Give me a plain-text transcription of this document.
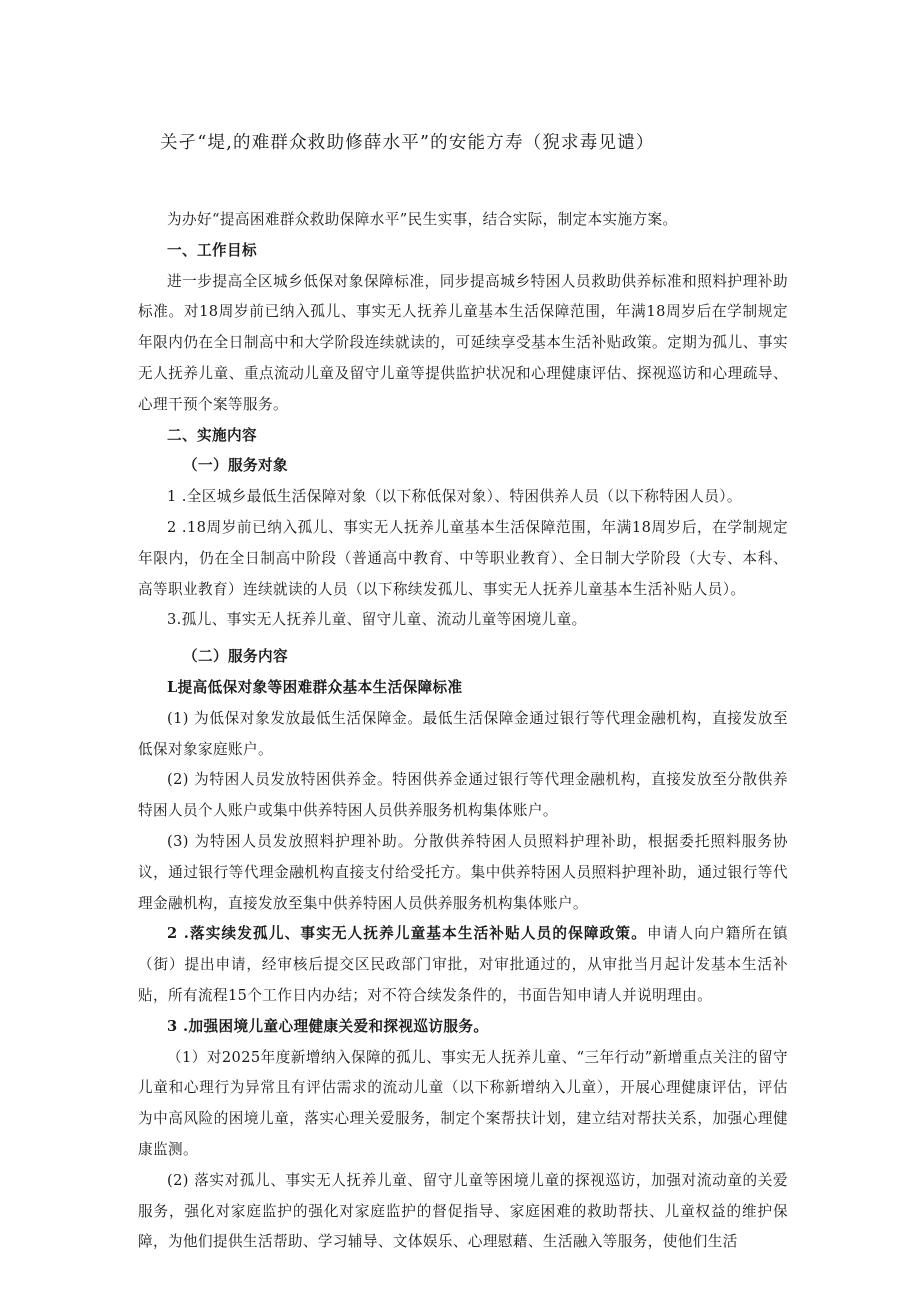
关孑“堤,的难群众救助修薛水平”的安能方寿（猊求毒见谴）

为办好“提高困难群众救助保障水平”民生实事，结合实际，制定本实施方案。

一、工作目标

进一步提高全区城乡低保对象保障标准，同步提高城乡特困人员救助供养标准和照料护理补助标准。对18周岁前已纳入孤儿、事实无人抚养儿童基本生活保障范围，年满18周岁后在学制规定年限内仍在全日制高中和大学阶段连续就读的，可延续享受基本生活补贴政策。定期为孤儿、事实无人抚养儿童、重点流动儿童及留守儿童等提供监护状况和心理健康评估、探视巡访和心理疏导、心理干预个案等服务。

二、实施内容

（一）服务对象

1 .全区城乡最低生活保障对象（以下称低保对象）、特困供养人员（以下称特困人员）。

2 .18周岁前已纳入孤儿、事实无人抚养儿童基本生活保障范围，年满18周岁后，在学制规定年限内，仍在全日制高中阶段（普通高中教育、中等职业教育）、全日制大学阶段（大专、本科、高等职业教育）连续就读的人员（以下称续发孤儿、事实无人抚养儿童基本生活补贴人员）。

3.孤儿、事实无人抚养儿童、留守儿童、流动儿童等困境儿童。

（二）服务内容

L提高低保对象等困难群众基本生活保障标准

(1) 为低保对象发放最低生活保障金。最低生活保障金通过银行等代理金融机构，直接发放至低保对象家庭账户。

(2) 为特困人员发放特困供养金。特困供养金通过银行等代理金融机构，直接发放至分散供养特困人员个人账户或集中供养特困人员供养服务机构集体账户。

(3) 为特困人员发放照料护理补助。分散供养特困人员照料护理补助，根据委托照料服务协议，通过银行等代理金融机构直接支付给受托方。集中供养特困人员照料护理补助，通过银行等代理金融机构，直接发放至集中供养特困人员供养服务机构集体账户。

2 .落实续发孤儿、事实无人抚养儿童基本生活补贴人员的保障政策。申请人向户籍所在镇（街）提出申请，经审核后提交区民政部门审批，对审批通过的，从审批当月起计发基本生活补贴，所有流程15个工作日内办结；对不符合续发条件的，书面告知申请人并说明理由。

3 .加强困境儿童心理健康关爱和探视巡访服务。

（1）对2025年度新增纳入保障的孤儿、事实无人抚养儿童、“三年行动”新增重点关注的留守儿童和心理行为异常且有评估需求的流动儿童（以下称新增纳入儿童），开展心理健康评估，评估为中高风险的困境儿童，落实心理关爱服务，制定个案帮扶计划，建立结对帮扶关系，加强心理健康监测。

(2) 落实对孤儿、事实无人抚养儿童、留守儿童等困境儿童的探视巡访，加强对流动童的关爱服务，强化对家庭监护的强化对家庭监护的督促指导、家庭困难的救助帮扶、儿童权益的维护保障，为他们提供生活帮助、学习辅导、文体娱乐、心理慰藉、生活融入等服务，使他们生活
